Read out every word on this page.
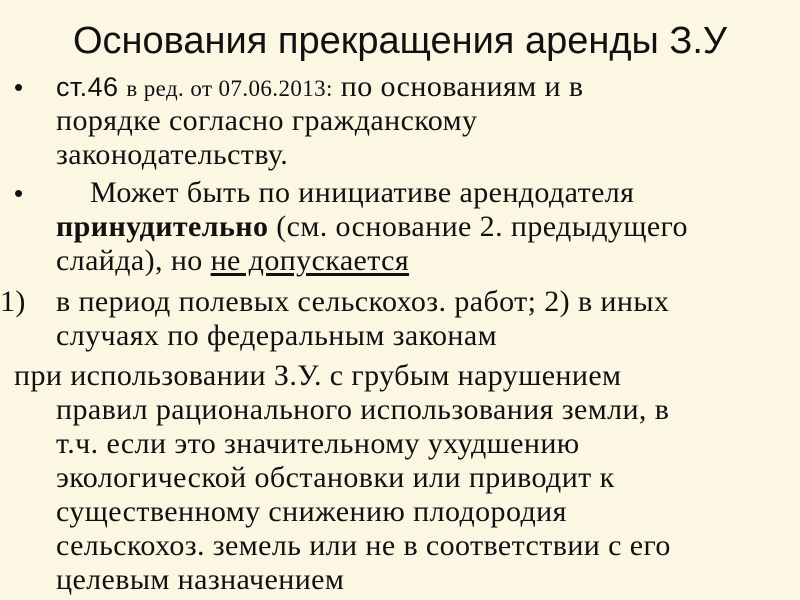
Основания прекращения аренды З.У
• ст.46 в ред. от 07.06.2013: по основаниям и в
порядке согласно гражданскому
законодательству.
• Может быть по инициативе арендодателя
принудительно (см. основание 2. предыдущего
слайда), но не допускается
1) в период полевых сельскохоз. работ; 2) в иных
случаях по федеральным законам
при использовании З.У. с грубым нарушением
правил рационального использования земли, в
т.ч. если это значительному ухудшению
экологической обстановки или приводит к
существенному снижению плодородия
сельскохоз. земель или не в соответствии с его
целевым назначением
